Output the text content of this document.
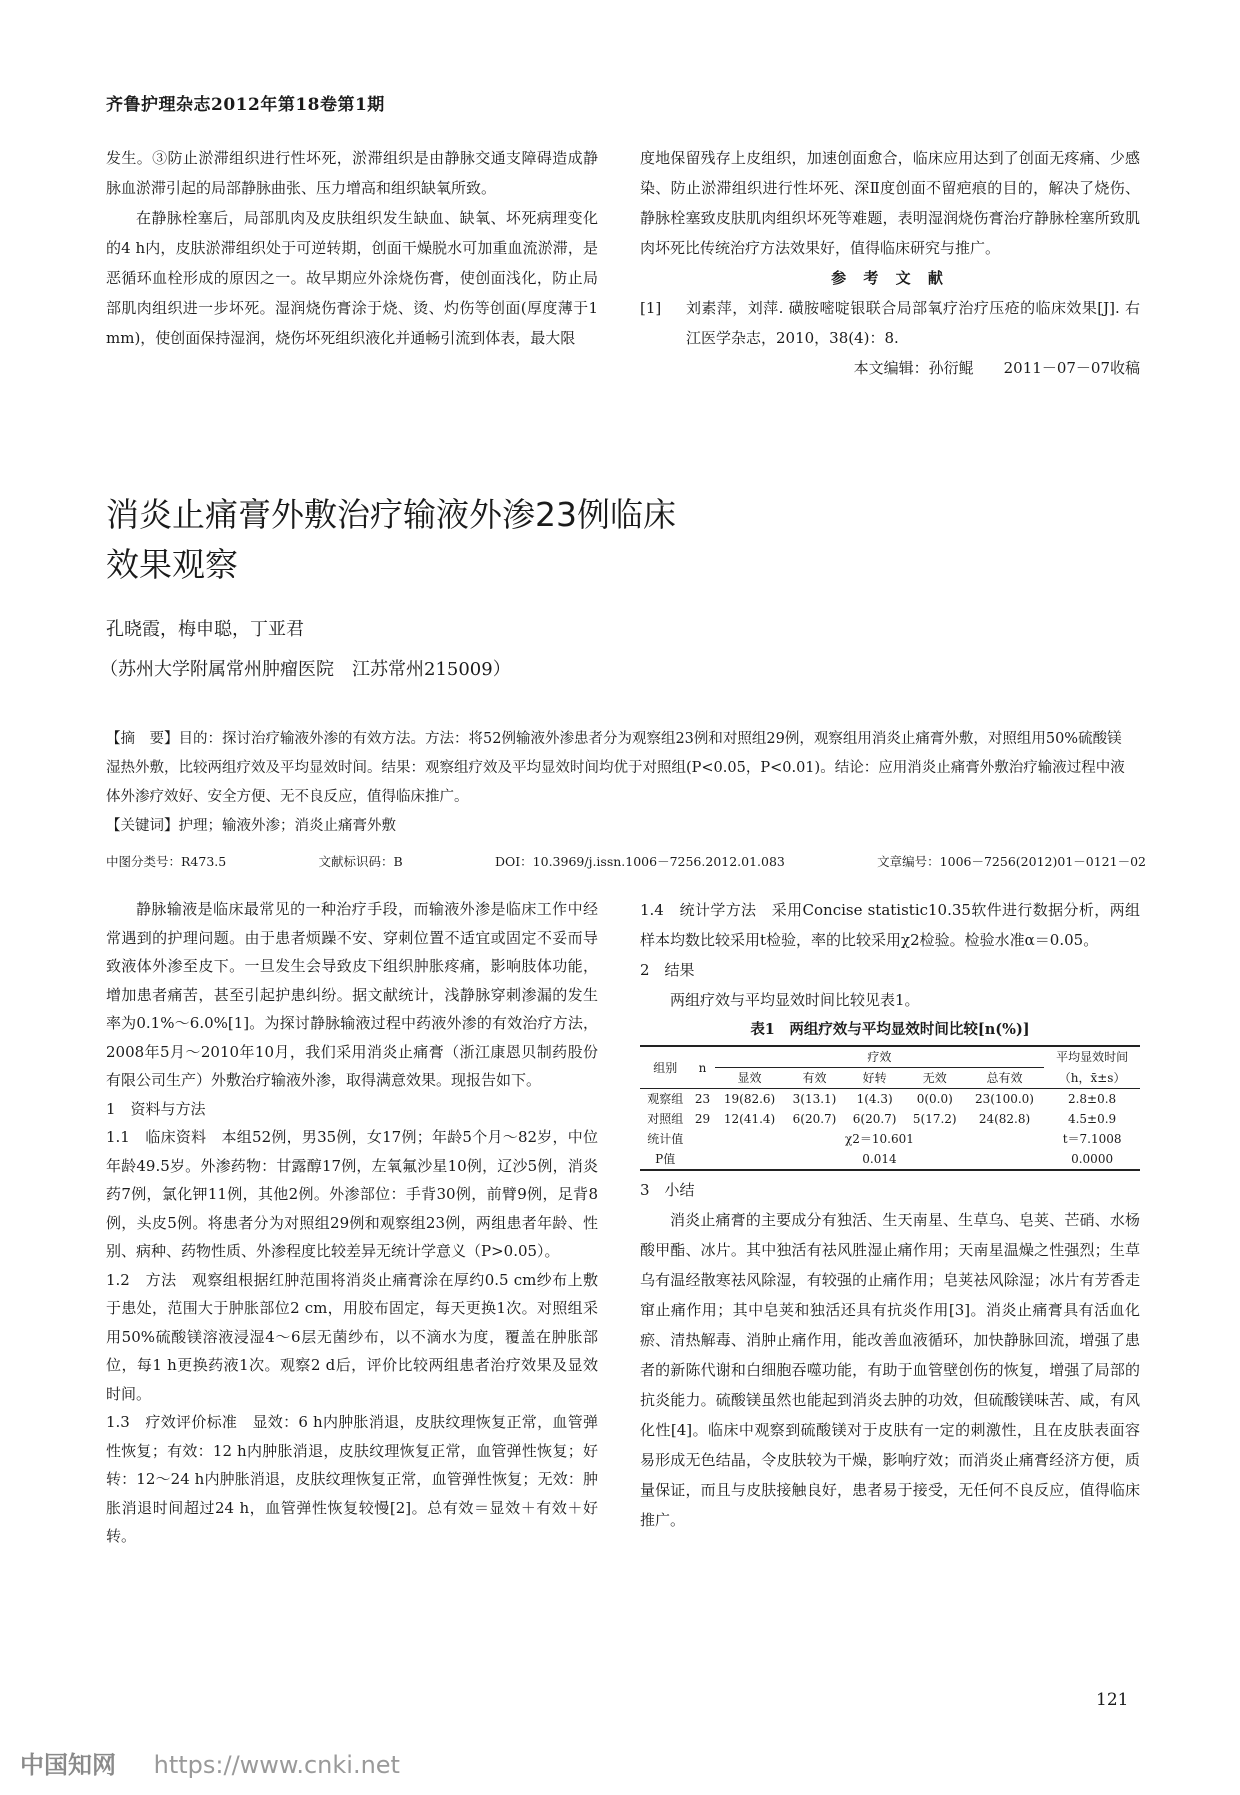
齐鲁护理杂志2012年第18卷第1期

发生。③防止淤滞组织进行性坏死，淤滞组织是由静脉交通支障碍造成静脉血淤滞引起的局部静脉曲张、压力增高和组织缺氧所致。

在静脉栓塞后，局部肌肉及皮肤组织发生缺血、缺氧、坏死病理变化的4 h内，皮肤淤滞组织处于可逆转期，创面干燥脱水可加重血流淤滞，是恶循环血栓形成的原因之一。故早期应外涂烧伤膏，使创面浅化，防止局部肌肉组织进一步坏死。湿润烧伤膏涂于烧、烫、灼伤等创面(厚度薄于1 mm)，使创面保持湿润，烧伤坏死组织液化并通畅引流到体表，最大限

度地保留残存上皮组织，加速创面愈合，临床应用达到了创面无疼痛、少感染、防止淤滞组织进行性坏死、深Ⅱ度创面不留疤痕的目的，解决了烧伤、静脉栓塞致皮肤肌肉组织坏死等难题，表明湿润烧伤膏治疗静脉栓塞所致肌肉坏死比传统治疗方法效果好，值得临床研究与推广。

参 考 文 献

[1]	刘素萍，刘萍. 磺胺嘧啶银联合局部氧疗治疗压疮的临床效果[J]. 右江医学杂志，2010，38(4)：8.

本文编辑：孙衍鲲　　2011－07－07收稿

消炎止痛膏外敷治疗输液外渗23例临床
效果观察
孔晓霞，梅申聪，丁亚君
（苏州大学附属常州肿瘤医院　江苏常州215009）

【摘　要】目的：探讨治疗输液外渗的有效方法。方法：将52例输液外渗患者分为观察组23例和对照组29例，观察组用消炎止痛膏外敷，对照组用50%硫酸镁湿热外敷，比较两组疗效及平均显效时间。结果：观察组疗效及平均显效时间均优于对照组(P<0.05，P<0.01)。结论：应用消炎止痛膏外敷治疗输液过程中液体外渗疗效好、安全方便、无不良反应，值得临床推广。

【关键词】护理；输液外渗；消炎止痛膏外敷

中图分类号：R473.5	文献标识码：B	DOI：10.3969/j.issn.1006－7256.2012.01.083	文章编号：1006－7256(2012)01－0121－02

静脉输液是临床最常见的一种治疗手段，而输液外渗是临床工作中经常遇到的护理问题。由于患者烦躁不安、穿刺位置不适宜或固定不妥而导致液体外渗至皮下。一旦发生会导致皮下组织肿胀疼痛，影响肢体功能，增加患者痛苦，甚至引起护患纠纷。据文献统计，浅静脉穿刺渗漏的发生率为0.1%～6.0%[1]。为探讨静脉输液过程中药液外渗的有效治疗方法，2008年5月～2010年10月，我们采用消炎止痛膏（浙江康恩贝制药股份有限公司生产）外敷治疗输液外渗，取得满意效果。现报告如下。

1　资料与方法

1.1　临床资料　本组52例，男35例，女17例；年龄5个月～82岁，中位年龄49.5岁。外渗药物：甘露醇17例，左氧氟沙星10例，辽沙5例，消炎药7例，氯化钾11例，其他2例。外渗部位：手背30例，前臂9例，足背8例，头皮5例。将患者分为对照组29例和观察组23例，两组患者年龄、性别、病种、药物性质、外渗程度比较差异无统计学意义（P>0.05）。

1.2　方法　观察组根据红肿范围将消炎止痛膏涂在厚约0.5 cm纱布上敷于患处，范围大于肿胀部位2 cm，用胶布固定，每天更换1次。对照组采用50%硫酸镁溶液浸湿4～6层无菌纱布，以不滴水为度，覆盖在肿胀部位，每1 h更换药液1次。观察2 d后，评价比较两组患者治疗效果及显效时间。

1.3　疗效评价标准　显效：6 h内肿胀消退，皮肤纹理恢复正常，血管弹性恢复；有效：12 h内肿胀消退，皮肤纹理恢复正常，血管弹性恢复；好转：12～24 h内肿胀消退，皮肤纹理恢复正常，血管弹性恢复；无效：肿胀消退时间超过24 h，血管弹性恢复较慢[2]。总有效＝显效＋有效＋好转。

1.4　统计学方法　采用Concise statistic10.35软件进行数据分析，两组样本均数比较采用t检验，率的比较采用χ2检验。检验水准α＝0.05。

2　结果

两组疗效与平均显效时间比较见表1。

表1　两组疗效与平均显效时间比较[n(%)]

组别	n	疗效					平均显效时间
		显效	有效	好转	无效	总有效	（h，x̄±s）
观察组	23	19(82.6)	3(13.1)	1(4.3)	0(0.0)	23(100.0)	2.8±0.8
对照组	29	12(41.4)	6(20.7)	6(20.7)	5(17.2)	24(82.8)	4.5±0.9
统计值		χ2＝10.601					t＝7.1008
P值		0.014					0.0000

3　小结

消炎止痛膏的主要成分有独活、生天南星、生草乌、皂荚、芒硝、水杨酸甲酯、冰片。其中独活有祛风胜湿止痛作用；天南星温燥之性强烈；生草乌有温经散寒祛风除湿，有较强的止痛作用；皂荚祛风除湿；冰片有芳香走窜止痛作用；其中皂荚和独活还具有抗炎作用[3]。消炎止痛膏具有活血化瘀、清热解毒、消肿止痛作用，能改善血液循环，加快静脉回流，增强了患者的新陈代谢和白细胞吞噬功能，有助于血管壁创伤的恢复，增强了局部的抗炎能力。硫酸镁虽然也能起到消炎去肿的功效，但硫酸镁味苦、咸，有风化性[4]。临床中观察到硫酸镁对于皮肤有一定的刺激性，且在皮肤表面容易形成无色结晶，令皮肤较为干燥，影响疗效；而消炎止痛膏经济方便，质量保证，而且与皮肤接触良好，患者易于接受，无任何不良反应，值得临床推广。

121
中国知网 https://www.cnki.net
